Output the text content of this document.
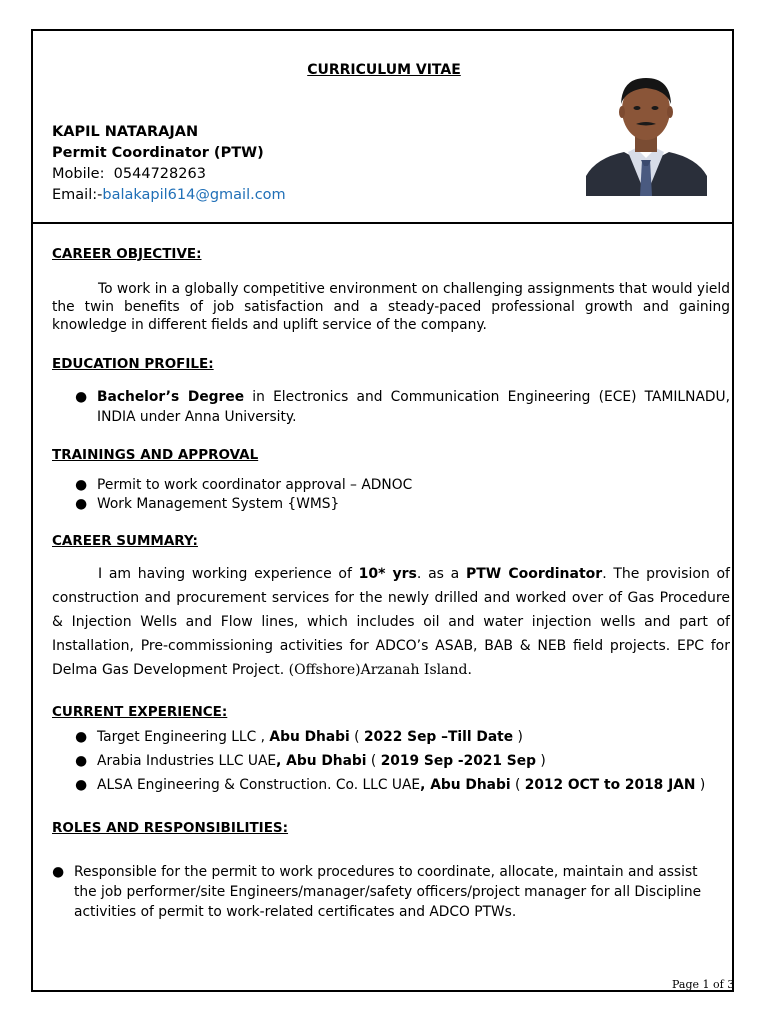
CURRICULUM VITAE
KAPIL NATARAJAN
Permit Coordinator (PTW)
Mobile: 0544728263
Email:-balakapil614@gmail.com
CAREER OBJECTIVE:
To work in a globally competitive environment on challenging assignments that would yield the twin benefits of job satisfaction and a steady-paced professional growth and gaining knowledge in different fields and uplift service of the company.
EDUCATION PROFILE:
● Bachelor’s Degree in Electronics and Communication Engineering (ECE) TAMILNADU, INDIA under Anna University.
TRAININGS AND APPROVAL
● Permit to work coordinator approval – ADNOC
● Work Management System {WMS}
CAREER SUMMARY:
I am having working experience of 10* yrs. as a PTW Coordinator. The provision of construction and procurement services for the newly drilled and worked over of Gas Procedure & Injection Wells and Flow lines, which includes oil and water injection wells and part of Installation, Pre-commissioning activities for ADCO’s ASAB, BAB & NEB field projects. EPC for Delma Gas Development Project. (Offshore)Arzanah Island.
CURRENT EXPERIENCE:
● Target Engineering LLC , Abu Dhabi ( 2022 Sep –Till Date )
● Arabia Industries LLC UAE, Abu Dhabi ( 2019 Sep -2021 Sep )
● ALSA Engineering & Construction. Co. LLC UAE, Abu Dhabi ( 2012 OCT to 2018 JAN )
ROLES AND RESPONSIBILITIES:
● Responsible for the permit to work procedures to coordinate, allocate, maintain and assist the job performer/site Engineers/manager/safety officers/project manager for all Discipline activities of permit to work-related certificates and ADCO PTWs.
Page 1 of 3
